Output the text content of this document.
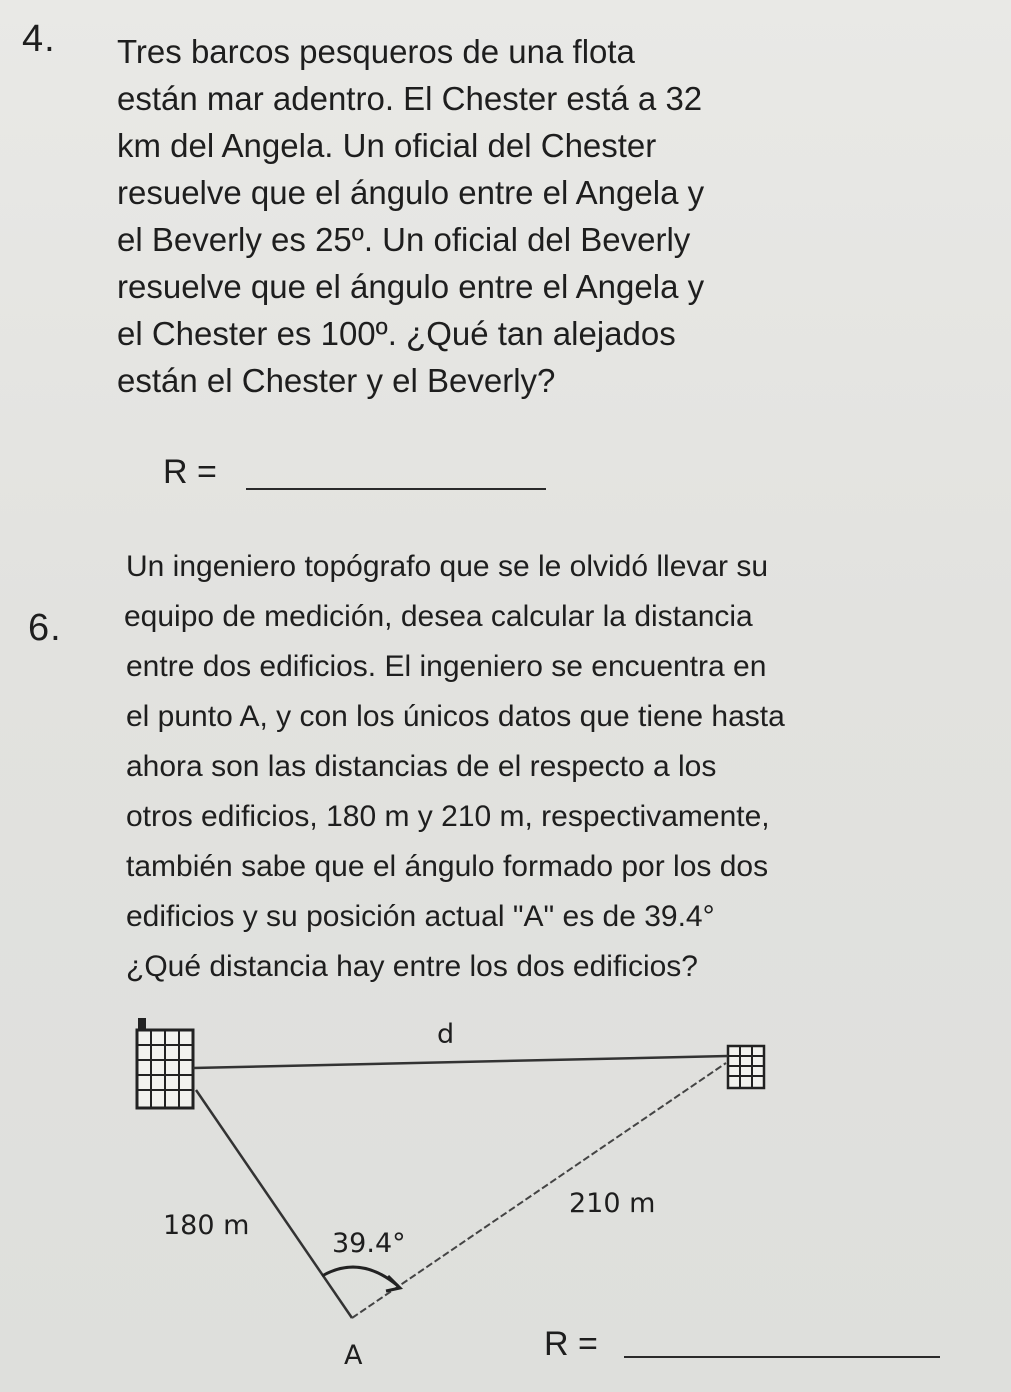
4. Tres barcos pesqueros de una flota
están mar adentro. El Chester está a 32
km del Angela. Un oficial del Chester
resuelve que el ángulo entre el Angela y
el Beverly es 25º. Un oficial del Beverly
resuelve que el ángulo entre el Angela y
el Chester es 100º. ¿Qué tan alejados
están el Chester y el Beverly?

R =

Un ingeniero topógrafo que se le olvidó llevar su
equipo de medición, desea calcular la distancia
entre dos edificios. El ingeniero se encuentra en
el punto A, y con los únicos datos que tiene hasta
ahora son las distancias de el respecto a los
otros edificios, 180 m y 210 m, respectivamente,
también sabe que el ángulo formado por los dos
edificios y su posición actual "A" es de 39.4°
¿Qué distancia hay entre los dos edificios?

6.
d
180 m
210 m
39.4°
A	R =
